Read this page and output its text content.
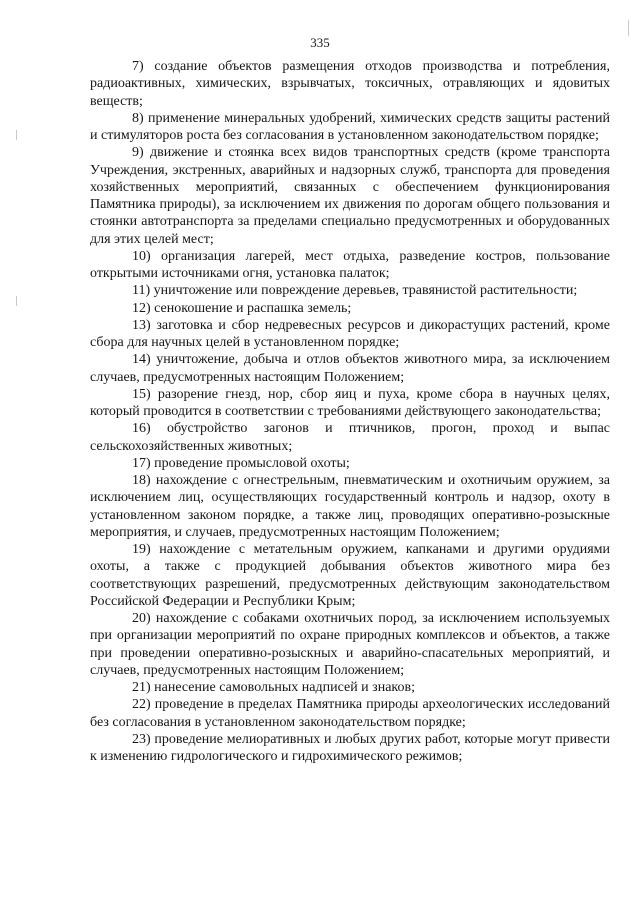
335

7) создание объектов размещения отходов производства и потребления, радиоактивных, химических, взрывчатых, токсичных, отравляющих и ядовитых веществ;

8) применение минеральных удобрений, химических средств защиты растений и стимуляторов роста без согласования в установленном законодательством порядке;

9) движение и стоянка всех видов транспортных средств (кроме транспорта Учреждения, экстренных, аварийных и надзорных служб, транспорта для проведения хозяйственных мероприятий, связанных с обеспечением функционирования Памятника природы), за исключением их движения по дорогам общего пользования и стоянки автотранспорта за пределами специально предусмотренных и оборудованных для этих целей мест;

10) организация лагерей, мест отдыха, разведение костров, пользование открытыми источниками огня, установка палаток;

11) уничтожение или повреждение деревьев, травянистой растительности;

12) сенокошение и распашка земель;

13) заготовка и сбор недревесных ресурсов и дикорастущих растений, кроме сбора для научных целей в установленном порядке;

14) уничтожение, добыча и отлов объектов животного мира, за исключением случаев, предусмотренных настоящим Положением;

15) разорение гнезд, нор, сбор яиц и пуха, кроме сбора в научных целях, который проводится в соответствии с требованиями действующего законодательства;

16) обустройство загонов и птичников, прогон, проход и выпас сельскохозяйственных животных;

17) проведение промысловой охоты;

18) нахождение с огнестрельным, пневматическим и охотничьим оружием, за исключением лиц, осуществляющих государственный контроль и надзор, охоту в установленном законом порядке, а также лиц, проводящих оперативно-розыскные мероприятия, и случаев, предусмотренных настоящим Положением;

19) нахождение с метательным оружием, капканами и другими орудиями охоты, а также с продукцией добывания объектов животного мира без соответствующих разрешений, предусмотренных действующим законодательством Российской Федерации и Республики Крым;

20) нахождение с собаками охотничьих пород, за исключением используемых при организации мероприятий по охране природных комплексов и объектов, а также при проведении оперативно-розыскных и аварийно-спасательных мероприятий, и случаев, предусмотренных настоящим Положением;

21) нанесение самовольных надписей и знаков;

22) проведение в пределах Памятника природы археологических исследований без согласования в установленном законодательством порядке;

23) проведение мелиоративных и любых других работ, которые могут привести к изменению гидрологического и гидрохимического режимов;
